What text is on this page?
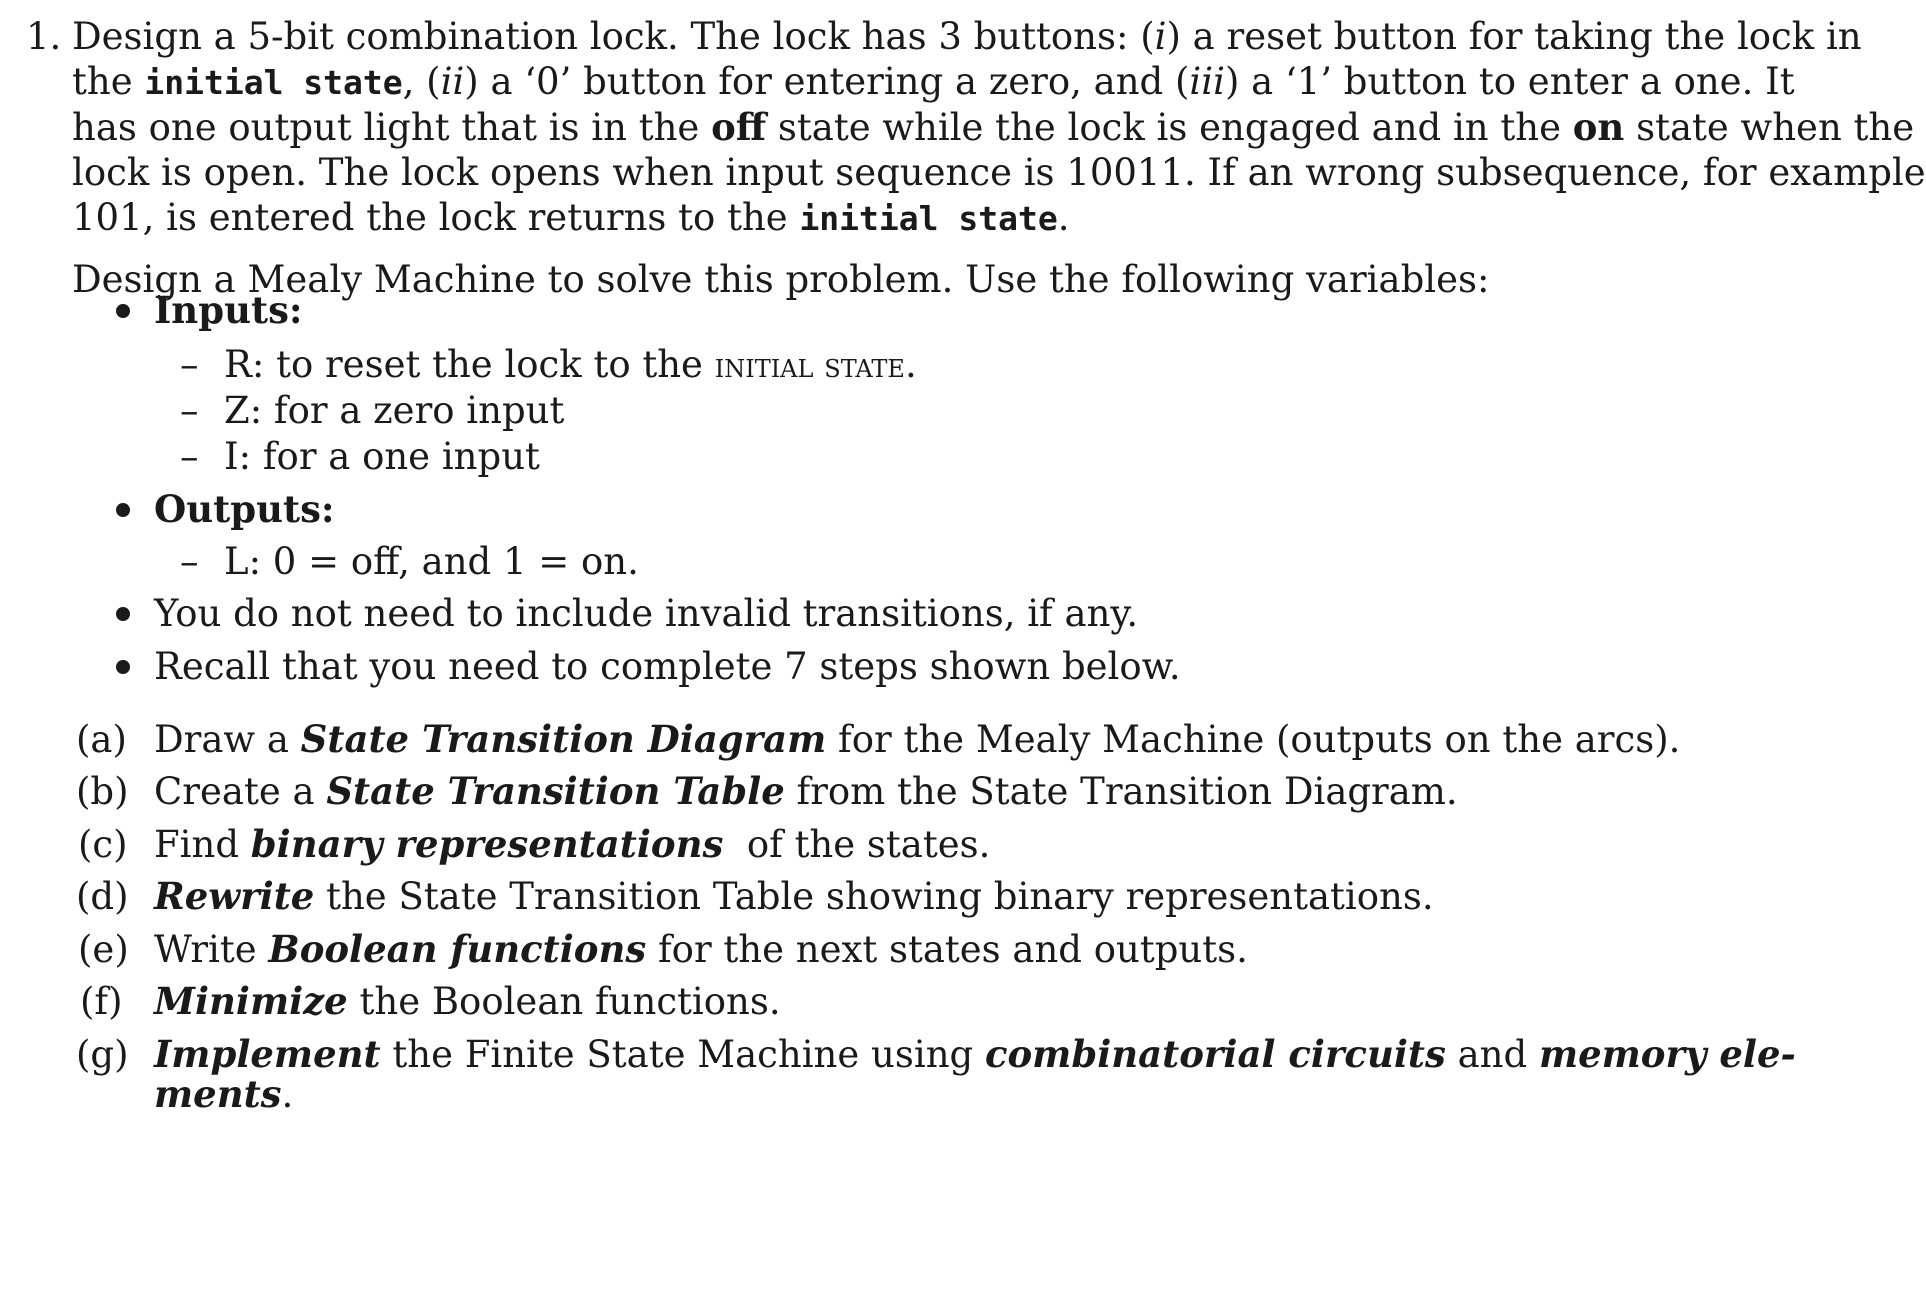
1. Design a 5-bit combination lock. The lock has 3 buttons: (i) a reset button for taking the lock in
the initial state, (ii) a ‘0’ button for entering a zero, and (iii) a ‘1’ button to enter a one. It
has one output light that is in the off state while the lock is engaged and in the on state when the
lock is open. The lock opens when input sequence is 10011. If an wrong subsequence, for example
101, is entered the lock returns to the initial state.
Design a Mealy Machine to solve this problem. Use the following variables:
Inputs:
– R: to reset the lock to the initial state.
– Z: for a zero input
– I: for a one input
Outputs:
– L: 0 = off, and 1 = on.
You do not need to include invalid transitions, if any.
Recall that you need to complete 7 steps shown below.
(a) Draw a State Transition Diagram for the Mealy Machine (outputs on the arcs).
(b) Create a State Transition Table from the State Transition Diagram.
(c) Find binary representations  of the states.
(d) Rewrite the State Transition Table showing binary representations.
(e) Write Boolean functions for the next states and outputs.
(f) Minimize the Boolean functions.
(g) Implement the Finite State Machine using combinatorial circuits and memory ele-
ments.
